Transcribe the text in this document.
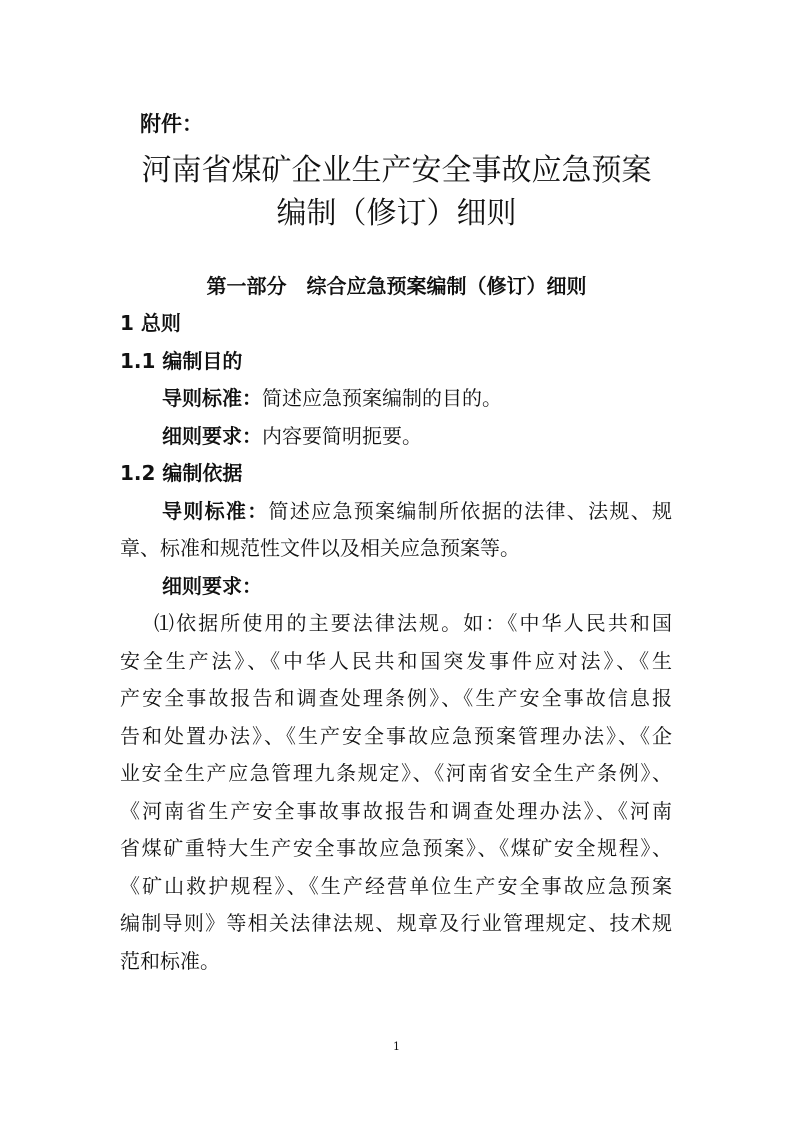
附件：
河南省煤矿企业生产安全事故应急预案
编制（修订）细则
第一部分　综合应急预案编制（修订）细则
1 总则
1.1 编制目的
导则标准：简述应急预案编制的目的。
细则要求：内容要简明扼要。
1.2 编制依据
导则标准：简述应急预案编制所依据的法律、法规、规
章、标准和规范性文件以及相关应急预案等。
细则要求：
⑴依据所使用的主要法律法规。如：《中华人民共和国
安全生产法》、《中华人民共和国突发事件应对法》、《生
产安全事故报告和调查处理条例》、《生产安全事故信息报
告和处置办法》、《生产安全事故应急预案管理办法》、《企
业安全生产应急管理九条规定》、《河南省安全生产条例》、
《河南省生产安全事故事故报告和调查处理办法》、《河南
省煤矿重特大生产安全事故应急预案》、《煤矿安全规程》、
《矿山救护规程》、《生产经营单位生产安全事故应急预案
编制导则》等相关法律法规、规章及行业管理规定、技术规
范和标准。
1
